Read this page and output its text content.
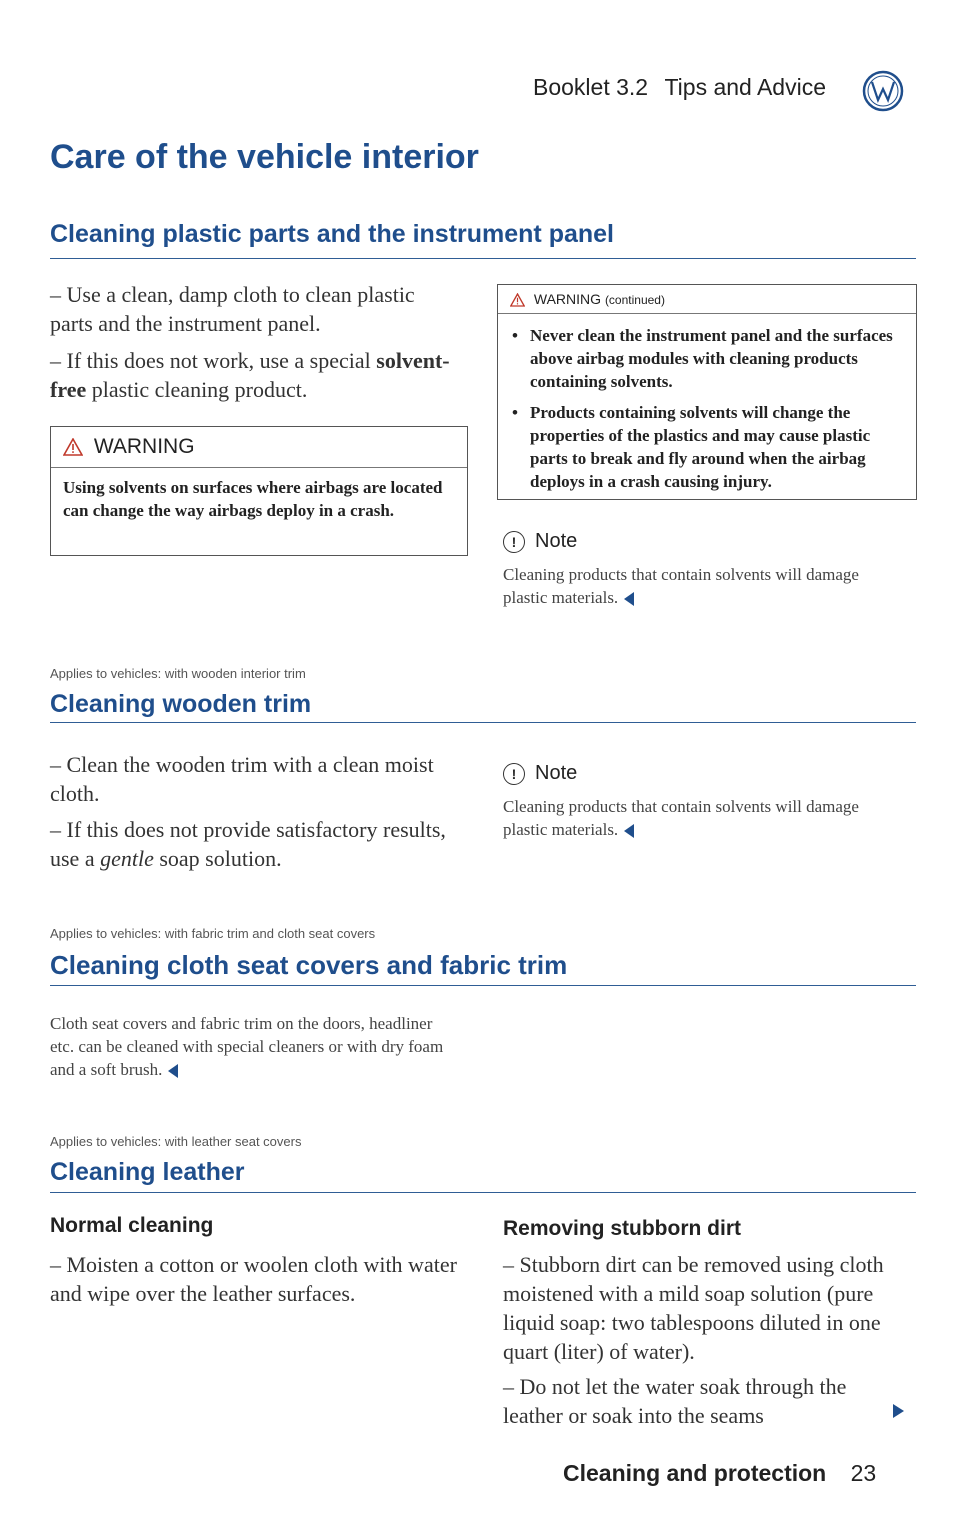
Booklet 3.2 Tips and Advice
Care of the vehicle interior
Cleaning plastic parts and the instrument panel
– Use a clean, damp cloth to clean plastic parts and the instrument panel.
– If this does not work, use a special solvent-free plastic cleaning product.
WARNING
Using solvents on surfaces where airbags are located can change the way airbags deploy in a crash.
WARNING (continued)
• Never clean the instrument panel and the surfaces above airbag modules with cleaning products containing solvents.
• Products containing solvents will change the properties of the plastics and may cause plastic parts to break and fly around when the airbag deploys in a crash causing injury.
! Note
Cleaning products that contain solvents will damage plastic materials.
Applies to vehicles: with wooden interior trim
Cleaning wooden trim
– Clean the wooden trim with a clean moist cloth.
– If this does not provide satisfactory results, use a gentle soap solution.
! Note
Cleaning products that contain solvents will damage plastic materials.
Applies to vehicles: with fabric trim and cloth seat covers
Cleaning cloth seat covers and fabric trim
Cloth seat covers and fabric trim on the doors, headliner etc. can be cleaned with special cleaners or with dry foam and a soft brush.
Applies to vehicles: with leather seat covers
Cleaning leather
Normal cleaning
– Moisten a cotton or woolen cloth with water and wipe over the leather surfaces.
Removing stubborn dirt
– Stubborn dirt can be removed using cloth moistened with a mild soap solution (pure liquid soap: two tablespoons diluted in one quart (liter) of water).
– Do not let the water soak through the leather or soak into the seams
Cleaning and protection 23
